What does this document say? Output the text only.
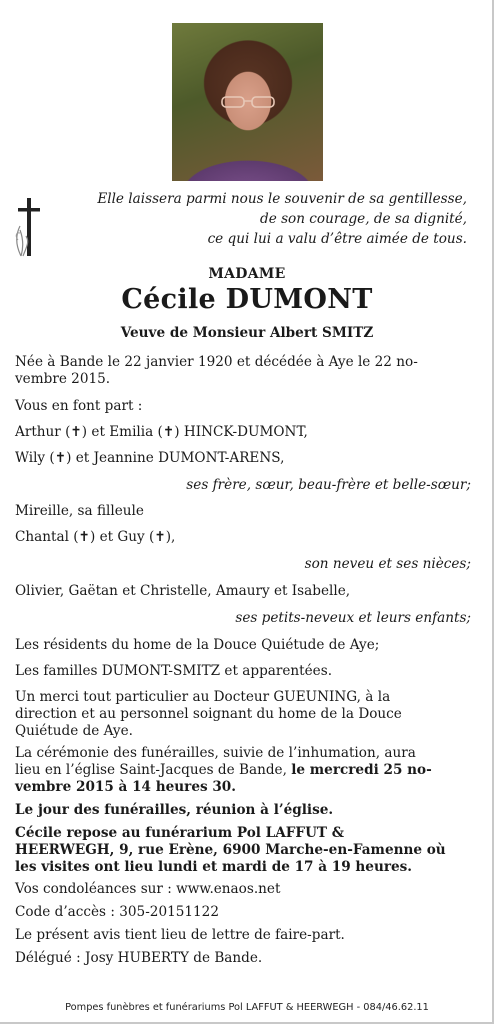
Elle laissera parmi nous le souvenir de sa gentillesse,
de son courage, de sa dignité,
ce qui lui a valu d’être aimée de tous.
MADAME
Cécile DUMONT
Veuve de Monsieur Albert SMITZ

Née à Bande le 22 janvier 1920 et décédée à Aye le 22 no-

vembre 2015.

Vous en font part :

Arthur (✝) et Emilia (✝) HINCK-DUMONT,

Wily (✝) et Jeannine DUMONT-ARENS,

ses frère, sœur, beau-frère et belle-sœur;

Mireille, sa filleule

Chantal (✝) et Guy (✝),

son neveu et ses nièces;

Olivier, Gaëtan et Christelle, Amaury et Isabelle,

ses petits-neveux et leurs enfants;

Les résidents du home de la Douce Quiétude de Aye;

Les familles DUMONT-SMITZ et apparentées.

Un merci tout particulier au Docteur GUEUNING, à la

direction et au personnel soignant du home de la Douce

Quiétude de Aye.

La cérémonie des funérailles, suivie de l’inhumation, aura

lieu en l’église Saint-Jacques de Bande, le mercredi 25 no-

vembre 2015 à 14 heures 30.

Le jour des funérailles, réunion à l’église.

Cécile repose au funérarium Pol LAFFUT &

HEERWEGH, 9, rue Erène, 6900 Marche-en-Famenne où

les visites ont lieu lundi et mardi de 17 à 19 heures.

Vos condoléances sur : www.enaos.net

Code d’accès : 305-20151122

Le présent avis tient lieu de lettre de faire-part.

Délégué : Josy HUBERTY de Bande.

Pompes funèbres et funérariums Pol LAFFUT & HEERWEGH - 084/46.62.11
